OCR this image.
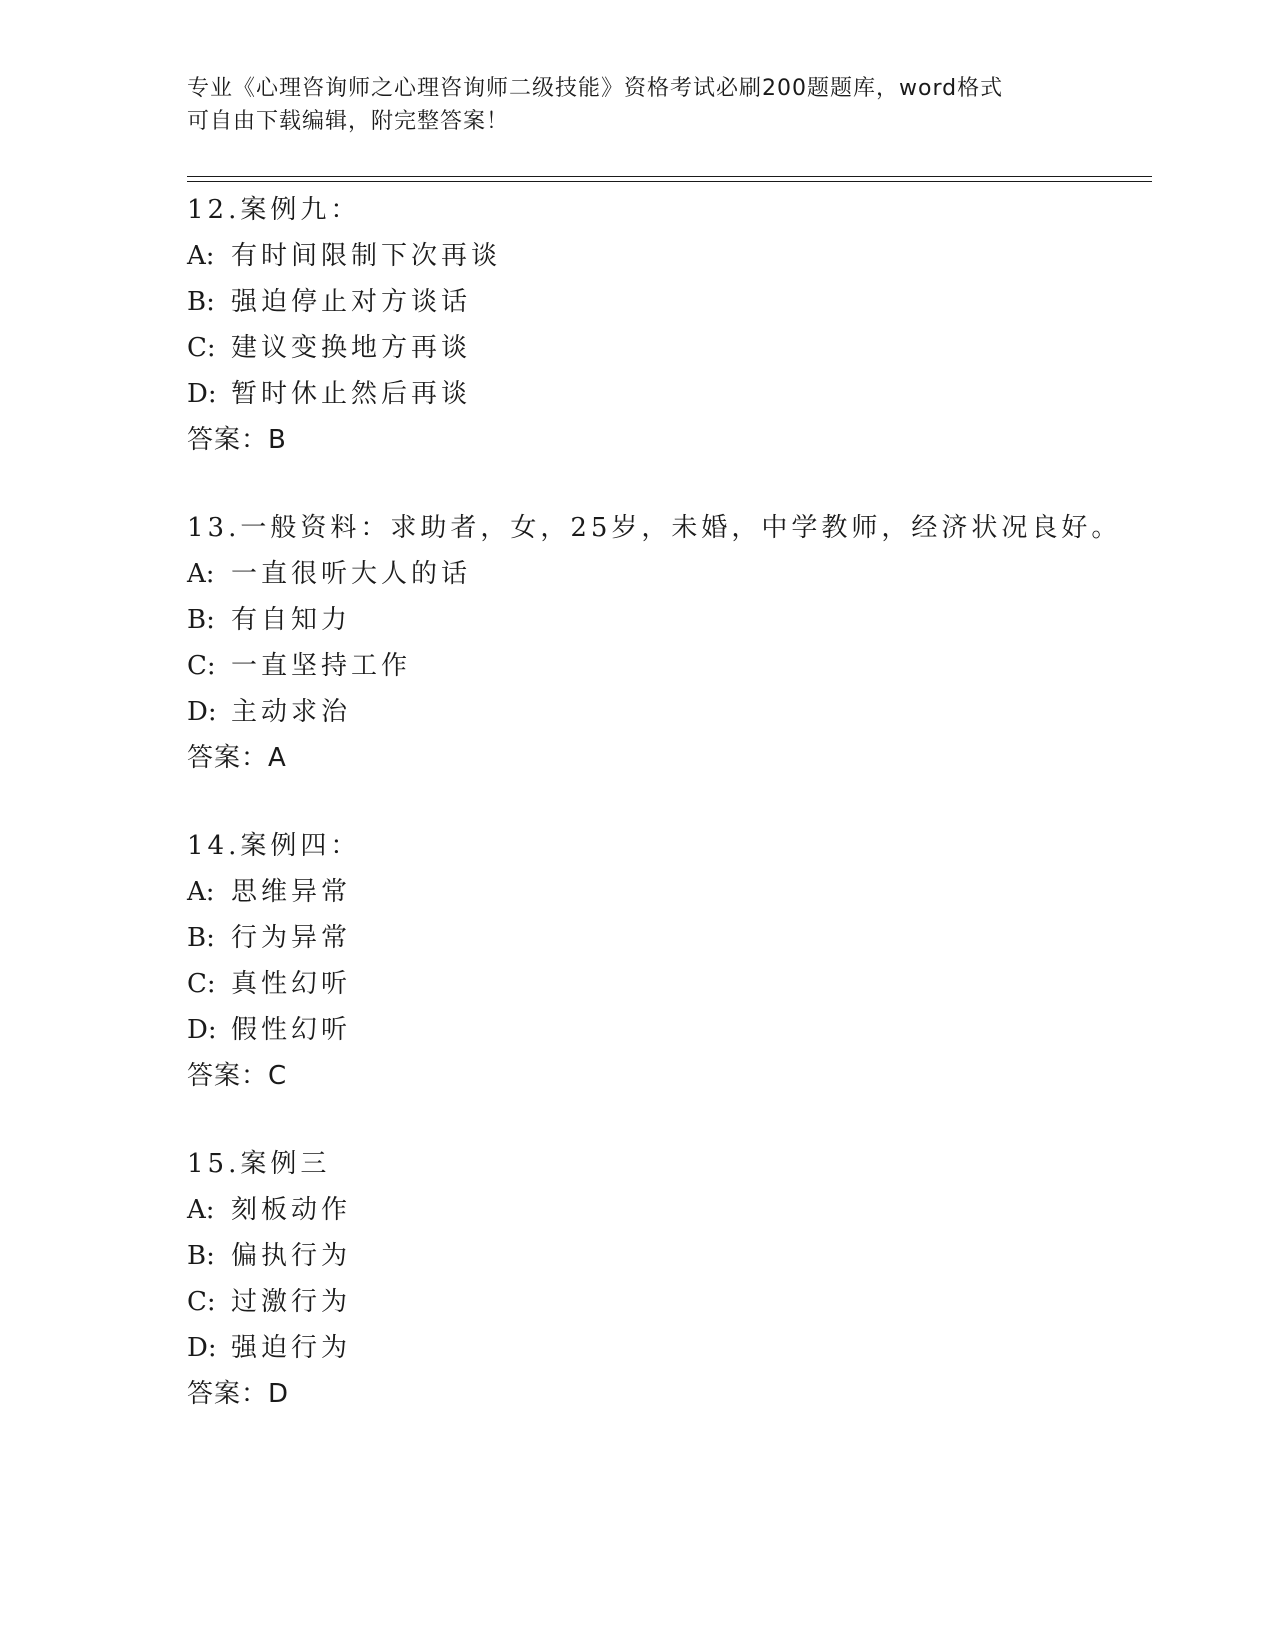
专业《心理咨询师之心理咨询师二级技能》资格考试必刷200题题库，word格式
可自由下载编辑，附完整答案！
12.案例九：
A: 有时间限制下次再谈
B: 强迫停止对方谈话
C: 建议变换地方再谈
D: 暂时休止然后再谈
答案：B
13.一般资料：求助者，女，25岁，未婚，中学教师，经济状况良好。
A: 一直很听大人的话
B: 有自知力
C: 一直坚持工作
D: 主动求治
答案：A
14.案例四：
A: 思维异常
B: 行为异常
C: 真性幻听
D: 假性幻听
答案：C
15.案例三
A: 刻板动作
B: 偏执行为
C: 过激行为
D: 强迫行为
答案：D
